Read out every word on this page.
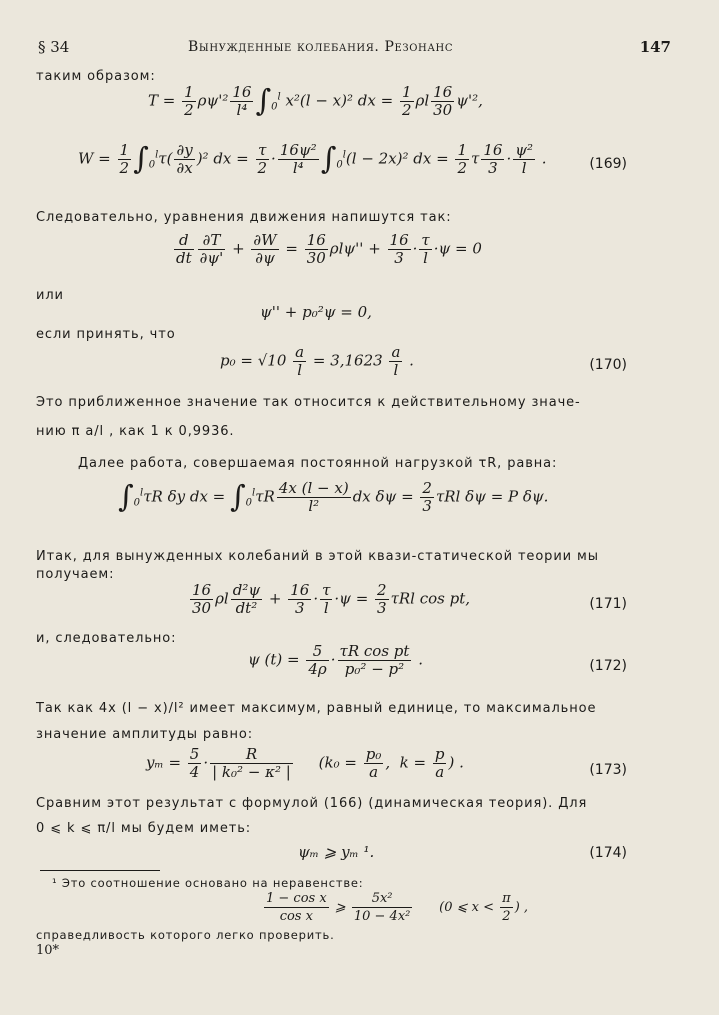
§ 34	Вынужденные колебания. Резонанс	147
таким образом:
$T = \frac{1}{2} \rho\psi'^2 \frac{16}{\text{l⁴}} \int_0^l$ x²(l − x)² dx = $\frac{1}{2}$ ρl $\frac{16}{30} \psi'^2$,
$W = \frac{1}{2} \int_0^l\tau( \frac{\partial y}{\partial x} )^2$ dx = $\frac{\tau}{2} \cdot \frac{\text{16ψ²}}{\text{l⁴}} \int_0^l(l - 2x)^2$ dx = $\frac{1}{2}$ τ $\frac{16}{3} \cdot \frac{\text{ψ²}}{l}$ .	(169)
Следовательно, уравнения движения напишутся так:
$\frac{d}{dt} \frac{\partial T}{\partial\psi'} + \frac{\partial W}{\partial\psi} = \frac{16}{30} \rho l\psi'' + \frac{16}{3} \cdot \frac{\tau}{l} \cdot\psi = 0$
или
ψ'' + p₀²ψ = 0,
если принять, что
$p_0 = √10 \frac{a}{l} = 3,1623 \frac{a}{l}$ .	(170)
Это приближенное значение так относится к действительному значе-
нию π a/l , как 1 к 0,9936.
Далее работа, совершаемая постоянной нагрузкой τR, равна:
$\int_0^l\tau R$ δy dx = $\int_0^l\tau R \frac{4x (l - x)}{\text{l²}}$ dx $\delta\psi = \frac{2}{3}$ τRl δψ = P δψ.
Итак, для вынужденных колебаний в этой квази-статической теории мы получаем:
$\frac{16}{30}$ ρl $\frac{\text{d²ψ}}{\text{dt²}} + \frac{16}{3} \cdot \frac{\tau}{l} \cdot\psi = \frac{2}{3}$ τRl cos pt,	(171)
и, следовательно:
ψ $(t) = \frac{5}{4\rho} \cdot \frac{\text{τR cos pt}}{\text{p₀² − p²}}$ .	(172)
Так как 4x (l − x)/l² имеет максимум, равный единице, то максимальное
значение амплитуды равно:
$y_m = \frac{5}{4} \cdot \frac{R}{\text{| k₀² − κ² |}} (k_0 = \frac{\text{p₀}}{a}$ ,  $k = \frac{p}{a}$ ) .	(173)
Сравним этот результат с формулой (166) (динамическая теория). Для
0 ⩽ k ⩽ π/l мы будем иметь:
ψₘ ⩾ yₘ ¹.	(174)
¹ Это соотношение основано на неравенстве:
$\frac{\text{1 − cos x}}{\text{cos x}}$ ⩾ $\frac{\text{5x²}}{\text{10 − 4x²}} (0$ ⩽ $x < \frac{\pi}{2}$ ) ,
справедливость которого легко проверить.
10*
